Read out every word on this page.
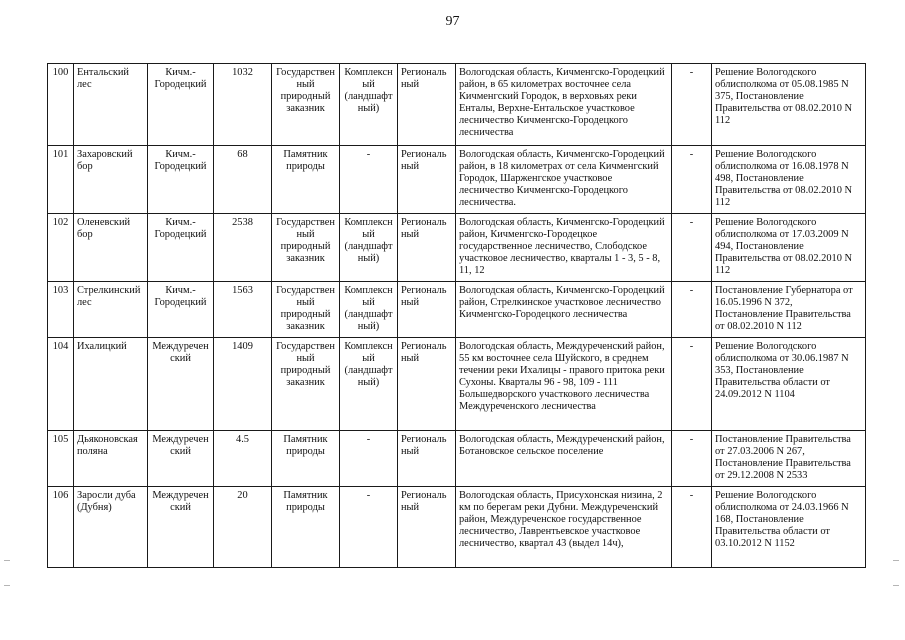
97
100	Ентальский лес	Кичм.-Городецкий	1032	Государственный природный заказник	Комплексный (ландшафтный)	Региональный	Вологодская область, Кичменгско-Городецкий район, в 65 километрах восточнее села Кичменгский Городок, в верховьях реки Енталы, Верхне-Ентальское участковое лесничество Кичменгско-Городецкого лесничества	-	Решение Вологодского облисполкома от 05.08.1985 N 375, Постановление Правительства от 08.02.2010 N 112
101	Захаровский бор	Кичм.-Городецкий	68	Памятник природы	-	Региональный	Вологодская область, Кичменгско-Городецкий район, в 18 километрах от села Кичменгский Городок, Шарженгское участковое лесничество Кичменгско-Городецкого лесничества.	-	Решение Вологодского облисполкома от 16.08.1978 N 498, Постановление Правительства от 08.02.2010 N 112
102	Оленевский бор	Кичм.-Городецкий	2538	Государственный природный заказник	Комплексный (ландшафтный)	Региональный	Вологодская область, Кичменгско-Городецкий район, Кичменгско-Городецкое государственное лесничество, Слободское участковое лесничество, кварталы 1 - 3, 5 - 8, 11, 12	-	Решение Вологодского облисполкома от 17.03.2009 N 494, Постановление Правительства от 08.02.2010 N 112
103	Стрелкинский лес	Кичм.-Городецкий	1563	Государственный природный заказник	Комплексный (ландшафтный)	Региональный	Вологодская область, Кичменгско-Городецкий район, Стрелкинское участковое лесничество Кичменгско-Городецкого лесничества	-	Постановление Губернатора от 16.05.1996 N 372, Постановление Правительства от 08.02.2010 N 112
104	Ихалицкий	Междуреченский	1409	Государственный природный заказник	Комплексный (ландшафтный)	Региональный	Вологодская область, Междуреченский район, 55 км восточнее села Шуйского, в среднем течении реки Ихалицы - правого притока реки Сухоны. Кварталы 96 - 98, 109 - 111 Большедворского участкового лесничества Междуреченского лесничества	-	Решение Вологодского облисполкома от 30.06.1987 N 353, Постановление Правительства области от 24.09.2012 N 1104
105	Дьяконовская поляна	Междуреченский	4.5	Памятник природы	-	Региональный	Вологодская область, Междуреченский район, Ботановское сельское поселение	-	Постановление Правительства от 27.03.2006 N 267, Постановление Правительства от 29.12.2008 N 2533
106	Заросли дуба (Дубня)	Междуреченский	20	Памятник природы	-	Региональный	Вологодская область, Присухонская низина, 2 км по берегам реки Дубни. Междуреченский район, Междуреченское государственное лесничество, Лаврентьевское участковое лесничество, квартал 43 (выдел 14ч),	-	Решение Вологодского облисполкома от 24.03.1966 N 168, Постановление Правительства области от 03.10.2012 N 1152
